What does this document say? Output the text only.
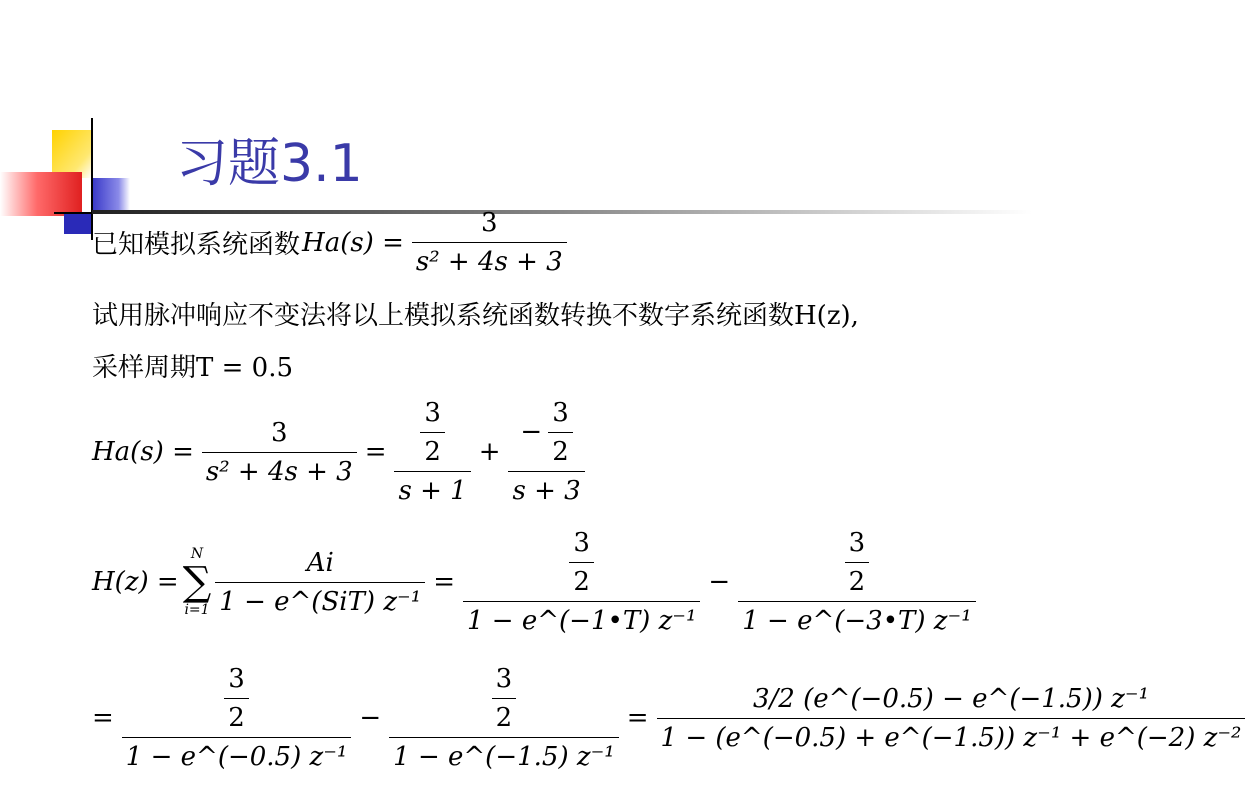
习题3.1
已知模拟系统函数 $Ha(s) = \frac{3}{\text{s² + 4s + 3}}$
试用脉冲响应不变法将以上模拟系统函数转换不数字系统函数H(z),
采样周期T = 0.5
$Ha(s) = \frac{3}{\text{s² + 4s + 3}} = \frac{\frac{3}{2}}{s + 1} + \frac{- \frac{3}{2}}{s + 3}$
H(z) =
N
∑
$i=1 \frac{Ai}{\text{1 − e\textasciicircum{}(SiT) z⁻¹}} = \frac{\frac{3}{2}}{\text{1 − e\textasciicircum{}(−1•T) z⁻¹}} - \frac{\frac{3}{2}}{\text{1 − e\textasciicircum{}(−3•T) z⁻¹}}$
= $\frac{\frac{3}{2}}{\text{1 − e\textasciicircum{}(−0.5) z⁻¹}} - \frac{\frac{3}{2}}{\text{1 − e\textasciicircum{}(−1.5) z⁻¹}} = \frac{\text{3/2 (e\textasciicircum{}(−0.5) − e\textasciicircum{}(−1.5)) z⁻¹}}{\text{1 − (e\textasciicircum{}(−0.5) + e\textasciicircum{}(−1.5)) z⁻¹ + e\textasciicircum{}(−2) z⁻²}}$
